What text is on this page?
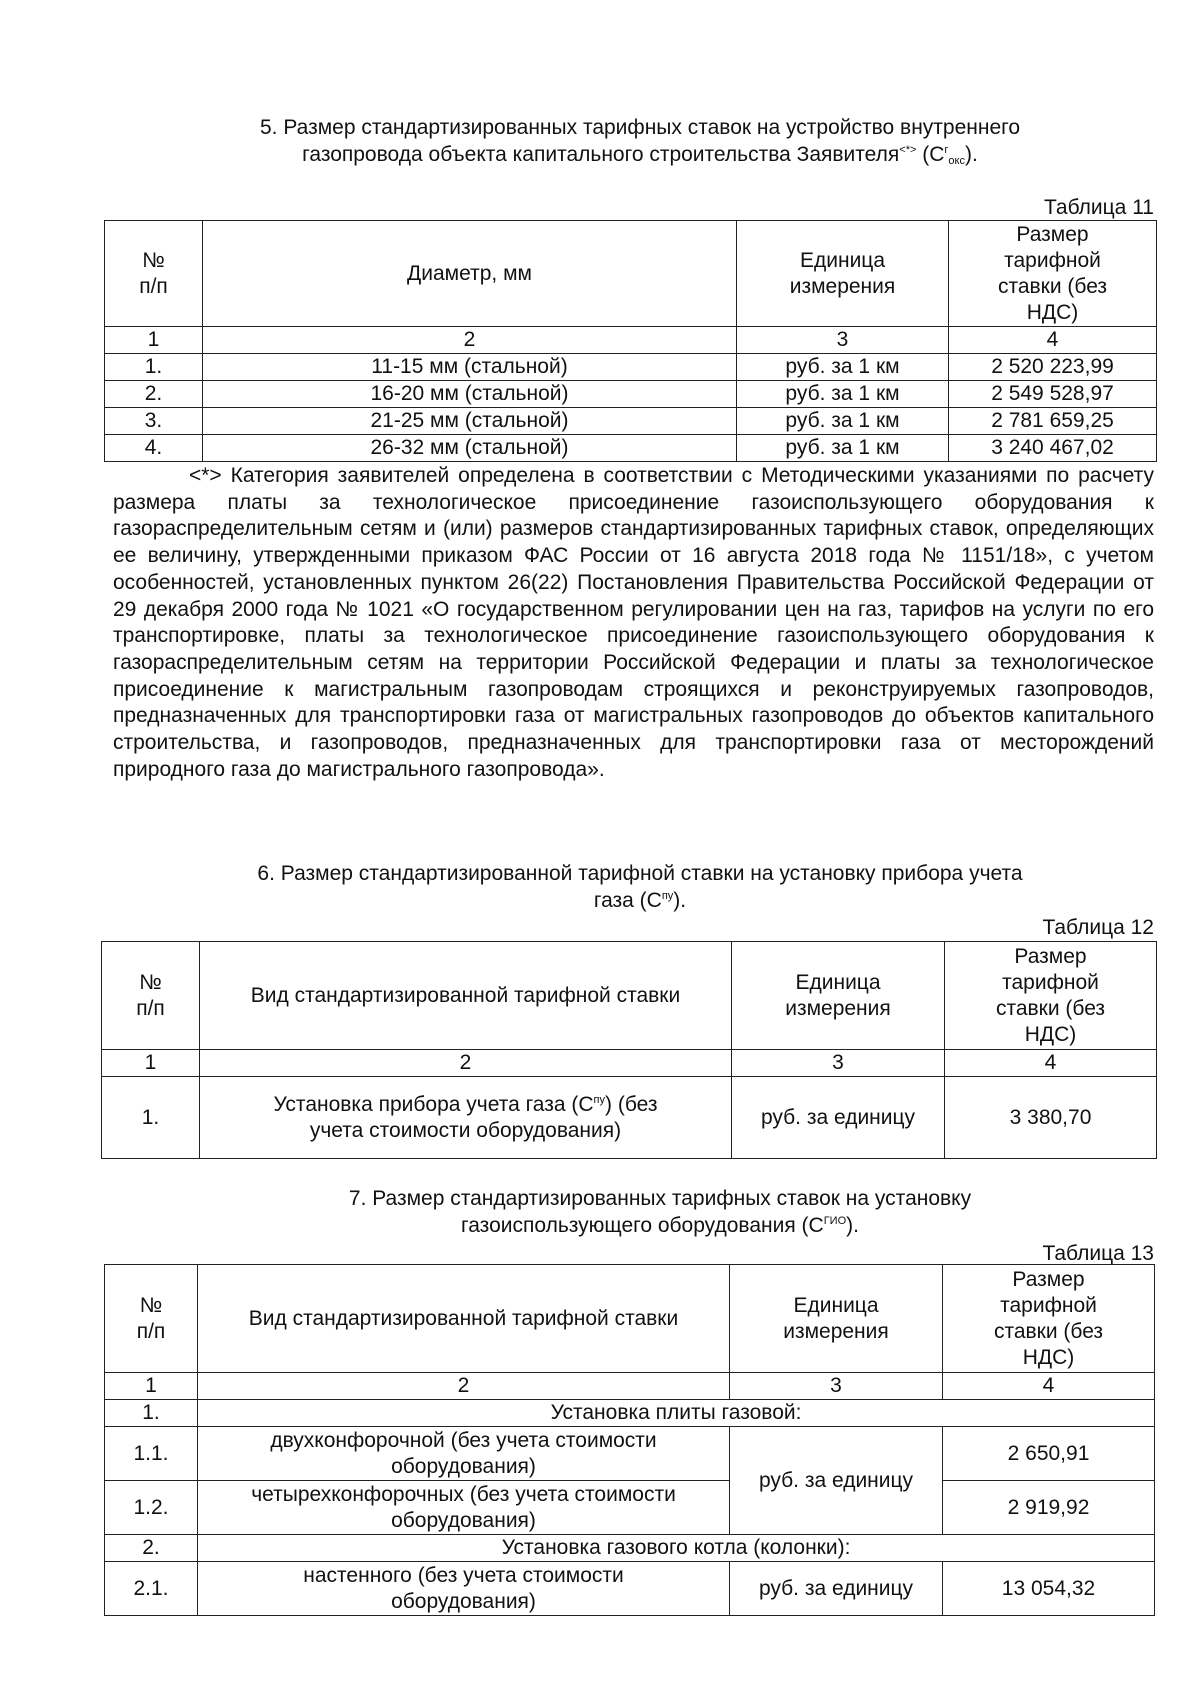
5. Размер стандартизированных тарифных ставок на устройство внутреннего
газопровода объекта капитального строительства Заявителя<*> $(С^г_{окс})$.
Таблица 11
№ п/п	Диаметр, мм	Единица измерения	Размер тарифной ставки (без НДС)
1	2	3	4
1.	11-15 мм (стальной)	руб. за 1 км	2 520 223,99
2.	16-20 мм (стальной)	руб. за 1 км	2 549 528,97
3.	21-25 мм (стальной)	руб. за 1 км	2 781 659,25
4.	26-32 мм (стальной)	руб. за 1 км	3 240 467,02
<*> Категория заявителей определена в соответствии с Методическими указаниями по расчету размера платы за технологическое присоединение газоиспользующего оборудования к газораспределительным сетям и (или) размеров стандартизированных тарифных ставок, определяющих ее величину, утвержденными приказом ФАС России от 16 августа 2018 года № 1151/18», с учетом особенностей, установленных пунктом 26(22) Постановления Правительства Российской Федерации от 29 декабря 2000 года № 1021 «О государственном регулировании цен на газ, тарифов на услуги по его транспортировке, платы за технологическое присоединение газоиспользующего оборудования к газораспределительным сетям на территории Российской Федерации и платы за технологическое присоединение к магистральным газопроводам строящихся и реконструируемых газопроводов, предназначенных для транспортировки газа от магистральных газопроводов до объектов капитального строительства, и газопроводов, предназначенных для транспортировки газа от месторождений природного газа до магистрального газопровода».
6. Размер стандартизированной тарифной ставки на установку прибора учета
газа $(С^{пу})$.
Таблица 12
№ п/п	Вид стандартизированной тарифной ставки	Единица измерения	Размер тарифной ставки (без НДС)
1	2	3	4
1.	Установка прибора учета газа $(С^{пу})$ (без учета стоимости оборудования)	руб. за единицу	3 380,70
7. Размер стандартизированных тарифных ставок на установку
газоиспользующего оборудования $(С^{ГИО})$.
Таблица 13
№ п/п	Вид стандартизированной тарифной ставки	Единица измерения	Размер тарифной ставки (без НДС)
1	2	3	4
1.	Установка плиты газовой:		
1.1.	двухконфорочной (без учета стоимости оборудования)	руб. за единицу	2 650,91
1.2.	четырехконфорочных (без учета стоимости оборудования)		2 919,92
2.	Установка газового котла (колонки):		
2.1.	настенного (без учета стоимости оборудования)	руб. за единицу	13 054,32
